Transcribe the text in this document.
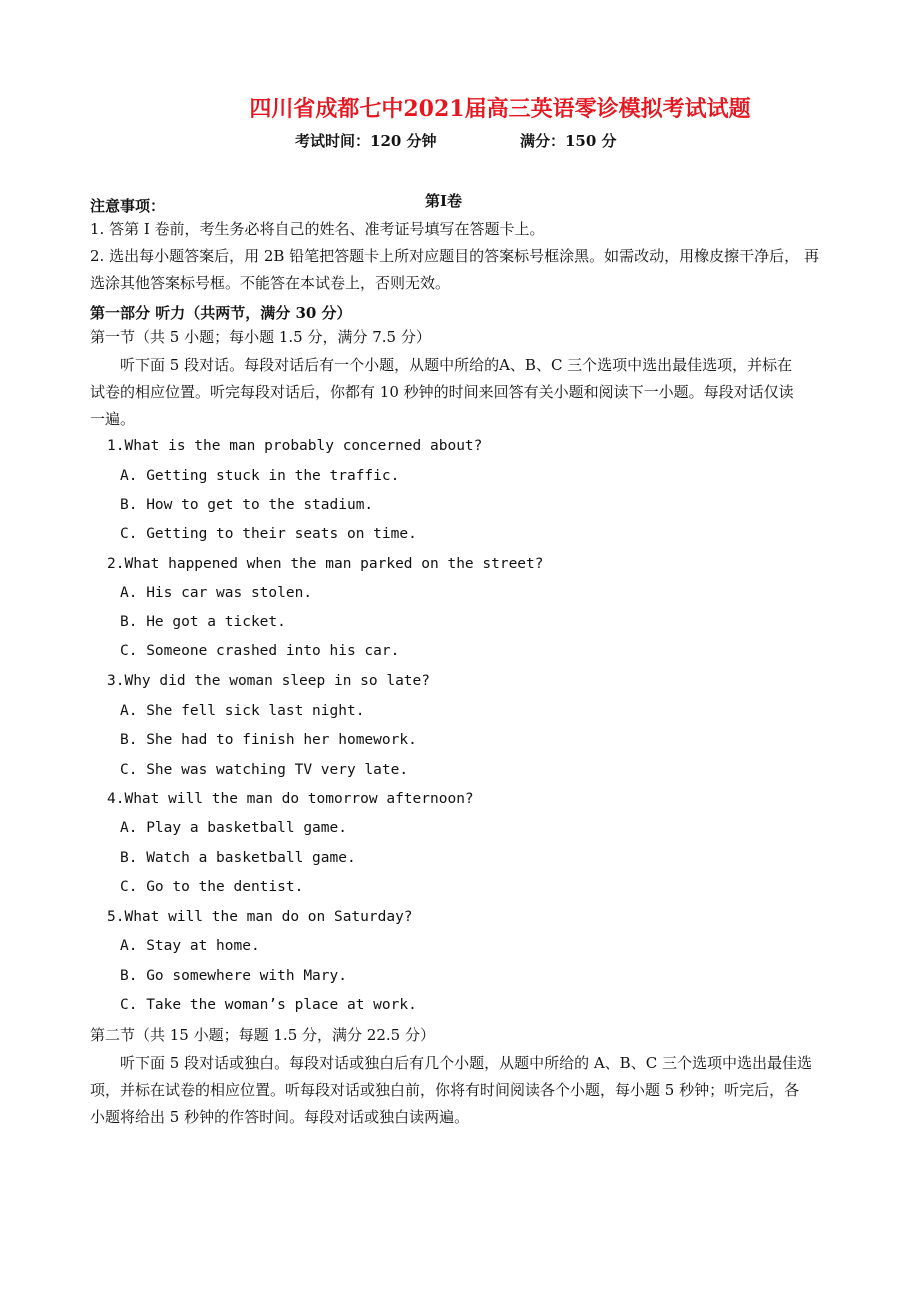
四川省成都七中2021届高三英语零诊模拟考试试题
考试时间：120 分钟	满分：150 分
注意事项：	第I卷
1. 答第 I 卷前，考生务必将自己的姓名、准考证号填写在答题卡上。
2. 选出每小题答案后，用 2B 铅笔把答题卡上所对应题目的答案标号框涂黑。如需改动，用橡皮擦干净后， 再
选涂其他答案标号框。不能答在本试卷上，否则无效。
第一部分 听力（共两节，满分 30 分）
第一节（共 5 小题；每小题 1.5 分，满分 7.5 分）
听下面 5 段对话。每段对话后有一个小题，从题中所给的A、B、C 三个选项中选出最佳选项，并标在
试卷的相应位置。听完每段对话后，你都有 10 秒钟的时间来回答有关小题和阅读下一小题。每段对话仅读
一遍。
1.What is the man probably concerned about?
A. Getting stuck in the traffic.
B. How to get to the stadium.
C. Getting to their seats on time.
2.What happened when the man parked on the street?
A. His car was stolen.
B. He got a ticket.
C. Someone crashed into his car.
3.Why did the woman sleep in so late?
A. She fell sick last night.
B. She had to finish her homework.
C. She was watching TV very late.
4.What will the man do tomorrow afternoon?
A. Play a basketball game.
B. Watch a basketball game.
C. Go to the dentist.
5.What will the man do on Saturday?
A. Stay at home.
B. Go somewhere with Mary.
C. Take the woman’s place at work.
第二节（共 15 小题；每题 1.5 分，满分 22.5 分）
听下面 5 段对话或独白。每段对话或独白后有几个小题，从题中所给的 A、B、C 三个选项中选出最佳选
项，并标在试卷的相应位置。听每段对话或独白前，你将有时间阅读各个小题，每小题 5 秒钟；听完后，各
小题将给出 5 秒钟的作答时间。每段对话或独白读两遍。
